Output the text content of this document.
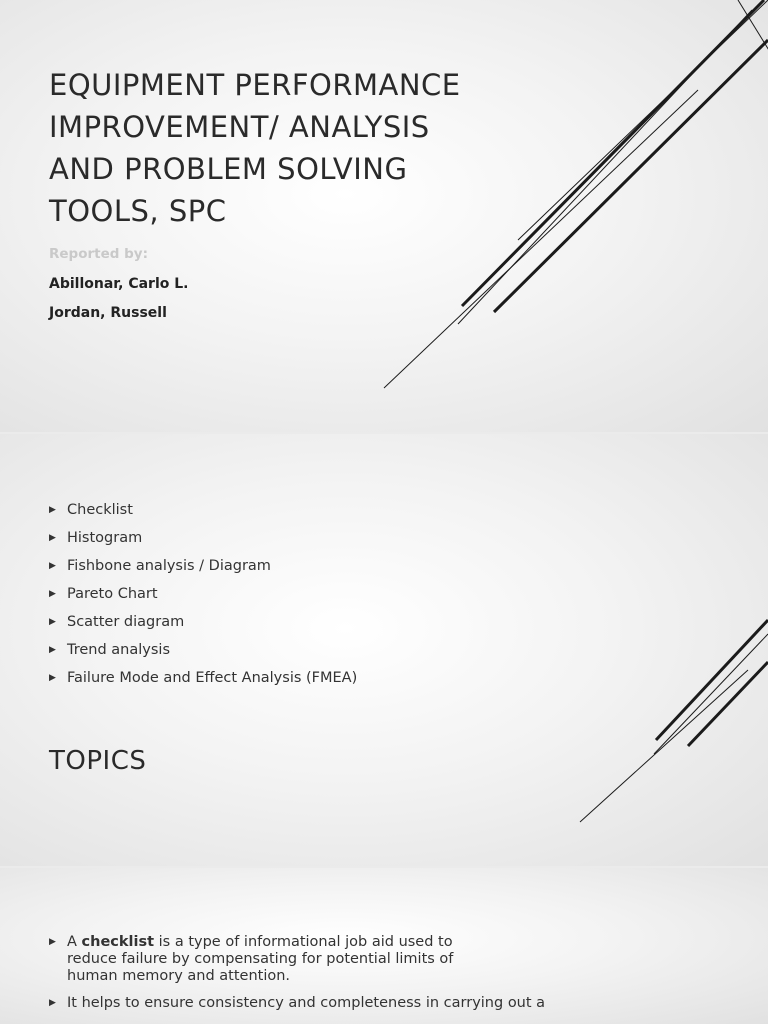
EQUIPMENT PERFORMANCE
IMPROVEMENT/ ANALYSIS
AND PROBLEM SOLVING
TOOLS, SPC
Reported by:
Abillonar, Carlo L.
Jordan, Russell
▶ Checklist
▶ Histogram
▶ Fishbone analysis / Diagram
▶ Pareto Chart
▶ Scatter diagram
▶ Trend analysis
▶ Failure Mode and Effect Analysis (FMEA)
TOPICS
▶ A checklist is a type of informational job aid used to reduce failure by compensating for potential limits of human memory and attention.
▶ It helps to ensure consistency and completeness in carrying out a
